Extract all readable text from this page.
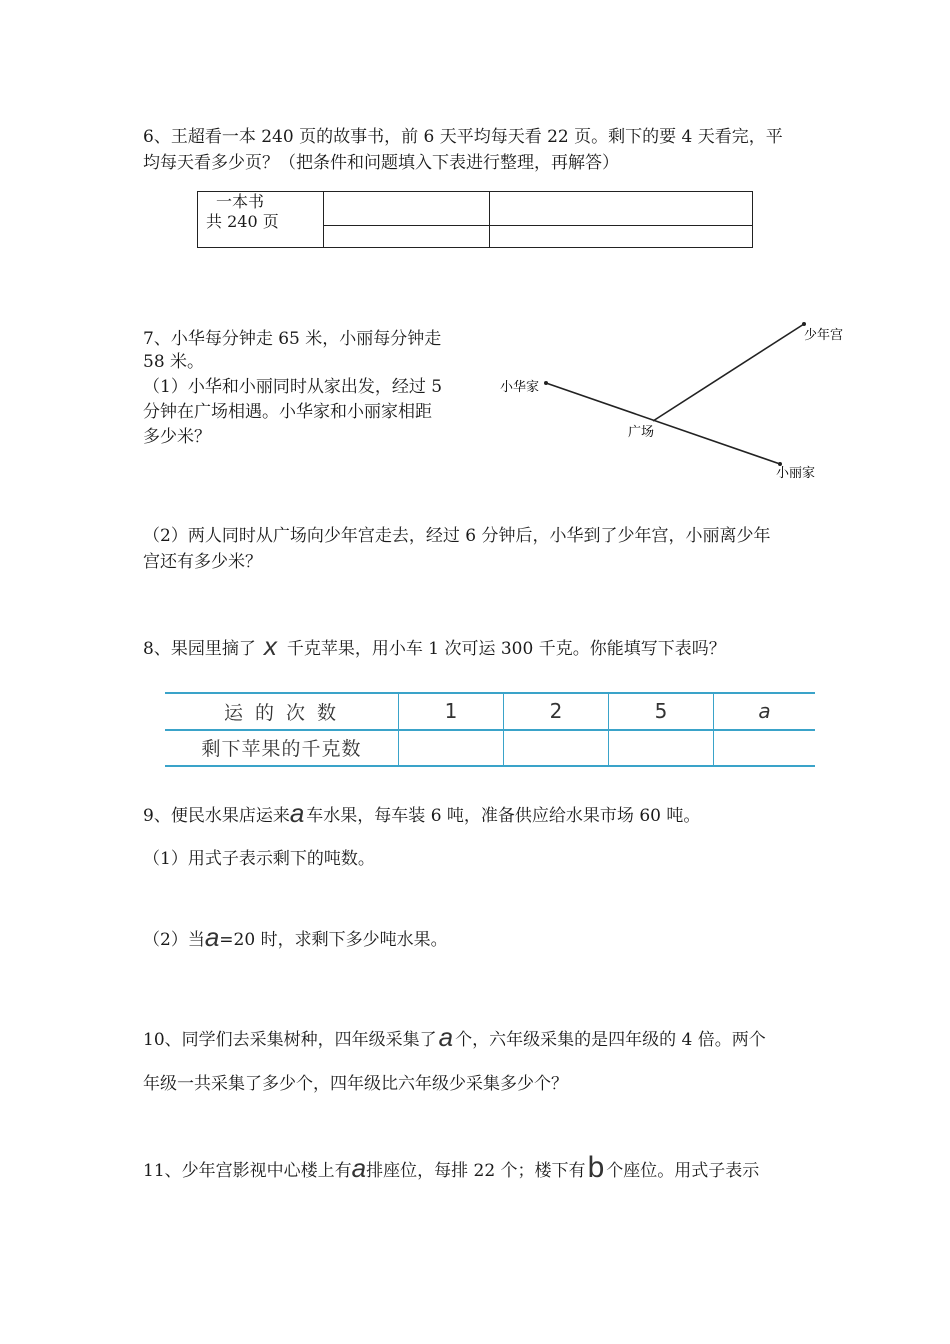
6、王超看一本 240 页的故事书，前 6 天平均每天看 22 页。剩下的要 4 天看完，平

均每天看多少页？（把条件和问题填入下表进行整理，再解答）

一本书
共 240 页		

7、小华每分钟走 65 米，小丽每分钟走

58 米。

（1）小华和小丽同时从家出发，经过 5

分钟在广场相遇。小华家和小丽家相距

多少米？

少年宫
小华家
广场
小丽家

（2）两人同时从广场向少年宫走去，经过 6 分钟后，小华到了少年宫，小丽离少年

宫还有多少米？

8、果园里摘了 x 千克苹果，用小车 1 次可运 300 千克。你能填写下表吗？

运 的 次 数	1	2	5	a
剩下苹果的千克数				

9、便民水果店运来a 车水果，每车装 6 吨，准备供应给水果市场 60 吨。

（1）用式子表示剩下的吨数。

（2）当a=20 时，求剩下多少吨水果。

10、同学们去采集树种，四年级采集了a 个，六年级采集的是四年级的 4 倍。两个

年级一共采集了多少个，四年级比六年级少采集多少个？

11、少年宫影视中心楼上有a排座位，每排 22 个；楼下有b 个座位。用式子表示
